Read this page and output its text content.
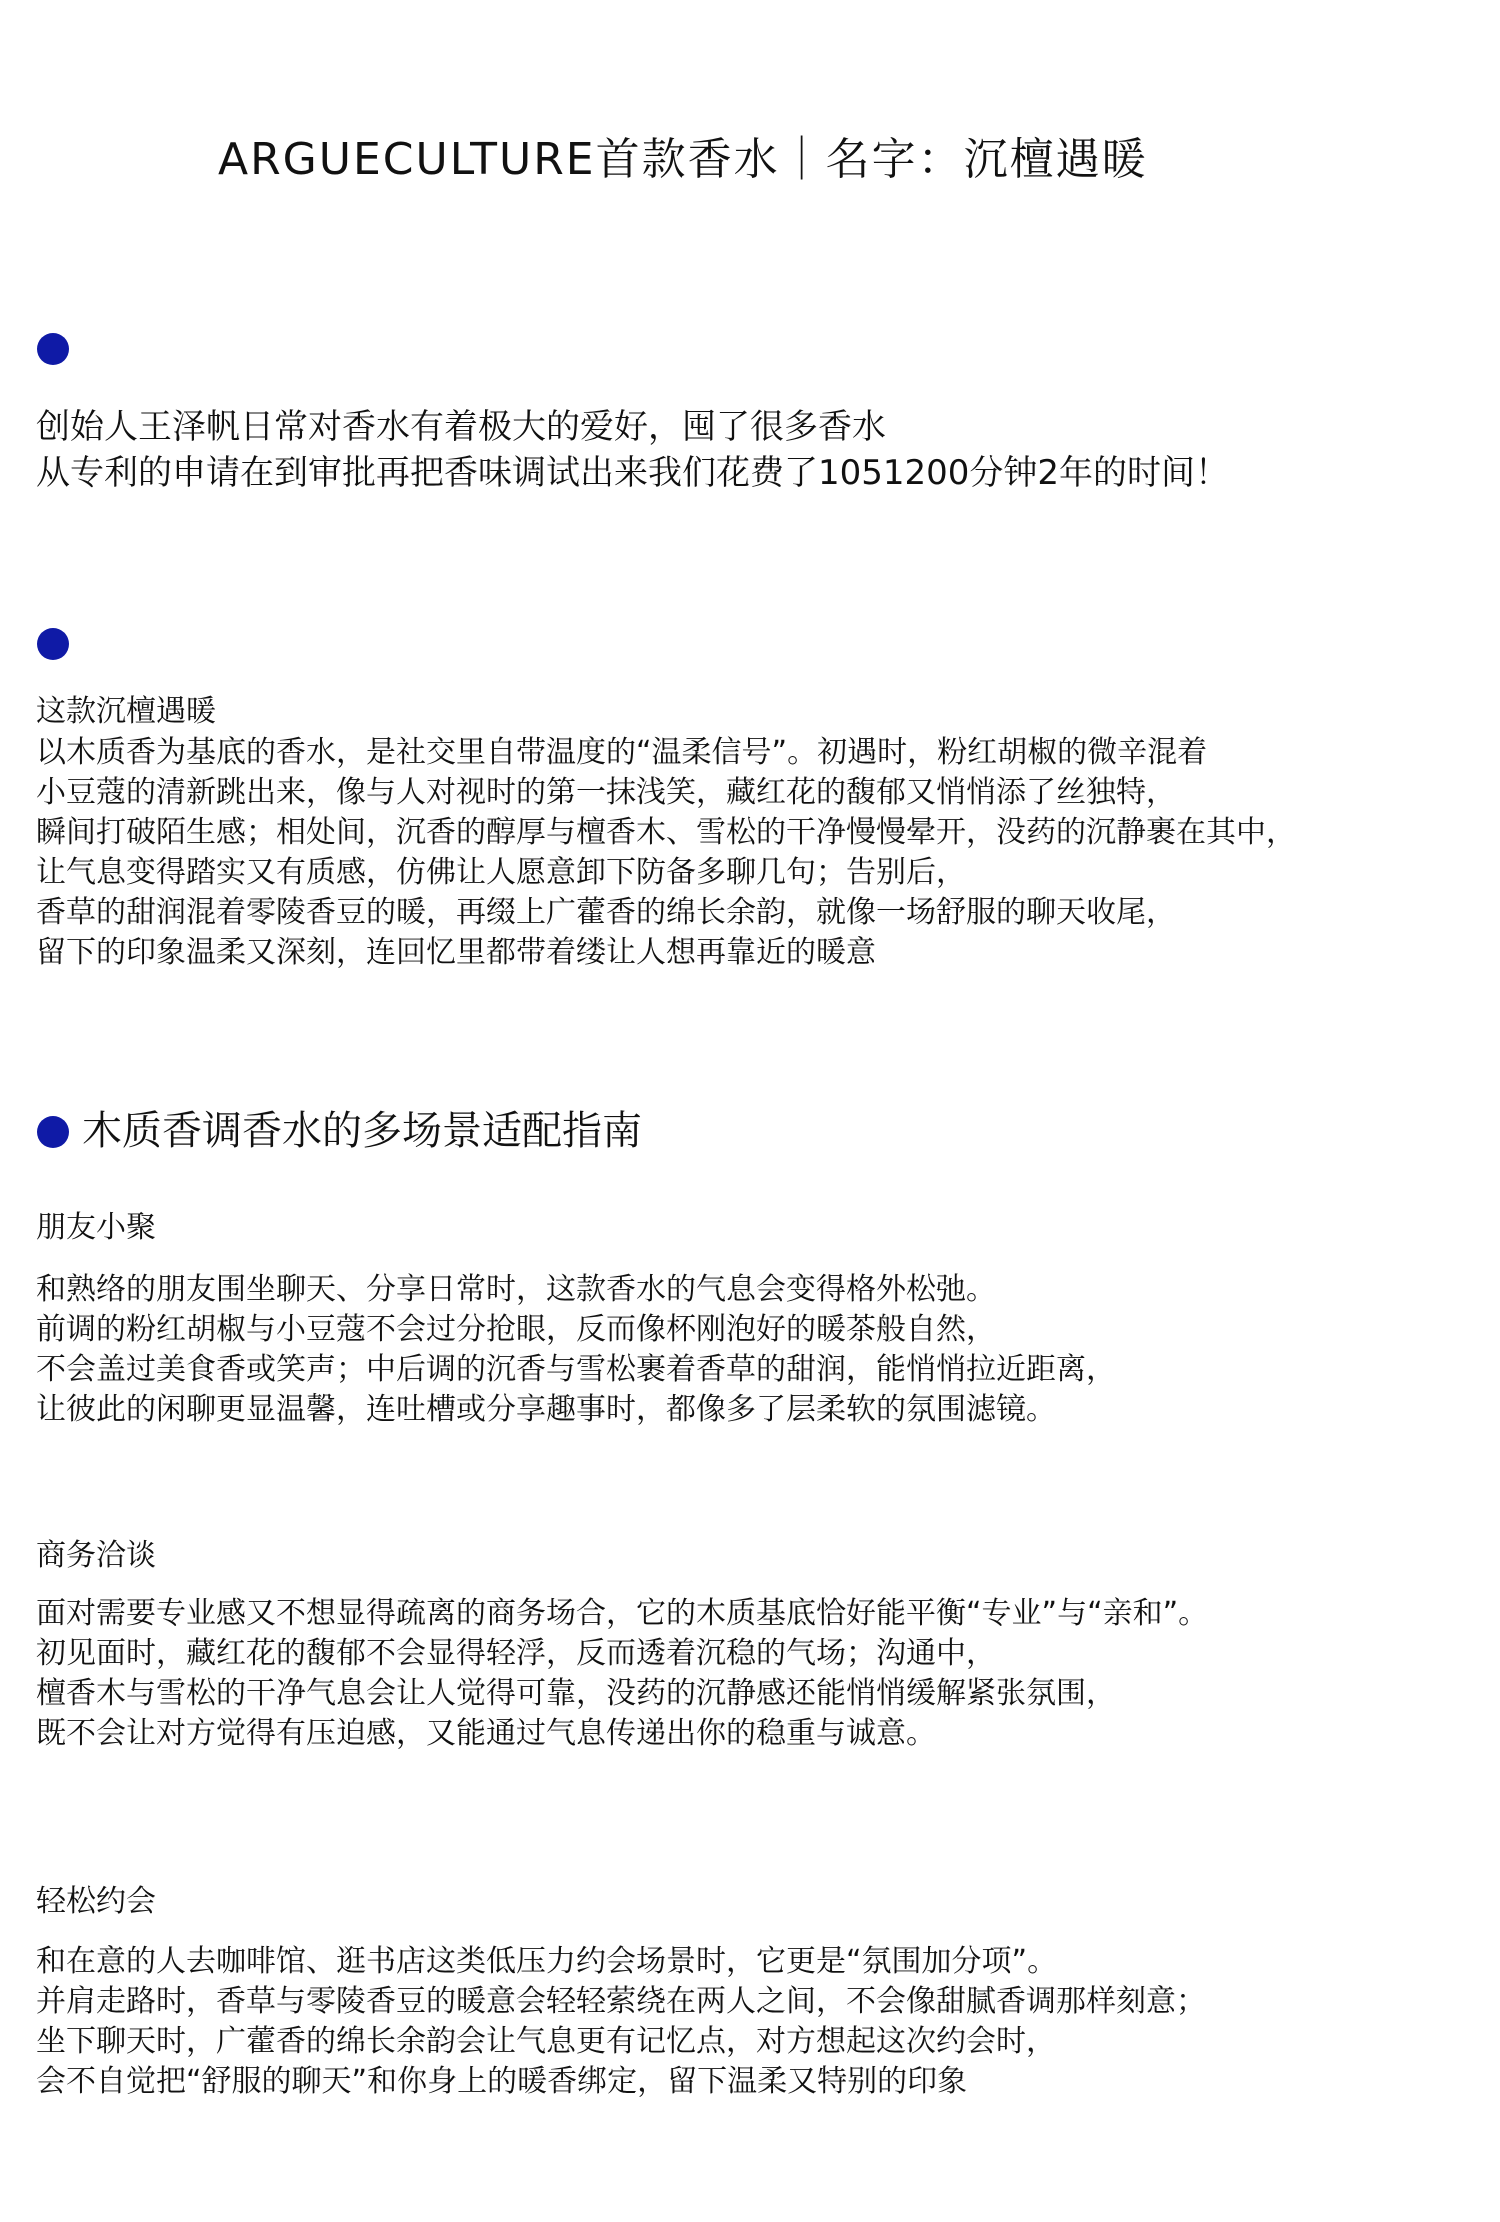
ARGUECULTURE首款香水｜名字：沉檀遇暖
创始人王泽帆日常对香水有着极大的爱好，囤了很多香水
从专利的申请在到审批再把香味调试出来我们花费了1051200分钟2年的时间！
这款沉檀遇暖
以木质香为基底的香水，是社交里自带温度的“温柔信号”。初遇时，粉红胡椒的微辛混着
小豆蔻的清新跳出来，像与人对视时的第一抹浅笑，藏红花的馥郁又悄悄添了丝独特，
瞬间打破陌生感；相处间，沉香的醇厚与檀香木、雪松的干净慢慢晕开，没药的沉静裹在其中，
让气息变得踏实又有质感，仿佛让人愿意卸下防备多聊几句；告别后，
香草的甜润混着零陵香豆的暖，再缀上广藿香的绵长余韵，就像一场舒服的聊天收尾，
留下的印象温柔又深刻，连回忆里都带着缕让人想再靠近的暖意
木质香调香水的多场景适配指南
朋友小聚
和熟络的朋友围坐聊天、分享日常时，这款香水的气息会变得格外松弛。
前调的粉红胡椒与小豆蔻不会过分抢眼，反而像杯刚泡好的暖茶般自然，
不会盖过美食香或笑声；中后调的沉香与雪松裹着香草的甜润，能悄悄拉近距离，
让彼此的闲聊更显温馨，连吐槽或分享趣事时，都像多了层柔软的氛围滤镜。
商务洽谈
面对需要专业感又不想显得疏离的商务场合，它的木质基底恰好能平衡“专业”与“亲和”。
初见面时，藏红花的馥郁不会显得轻浮，反而透着沉稳的气场；沟通中，
檀香木与雪松的干净气息会让人觉得可靠，没药的沉静感还能悄悄缓解紧张氛围，
既不会让对方觉得有压迫感，又能通过气息传递出你的稳重与诚意。
轻松约会
和在意的人去咖啡馆、逛书店这类低压力约会场景时，它更是“氛围加分项”。
并肩走路时，香草与零陵香豆的暖意会轻轻萦绕在两人之间，不会像甜腻香调那样刻意；
坐下聊天时，广藿香的绵长余韵会让气息更有记忆点，对方想起这次约会时，
会不自觉把“舒服的聊天”和你身上的暖香绑定，留下温柔又特别的印象
